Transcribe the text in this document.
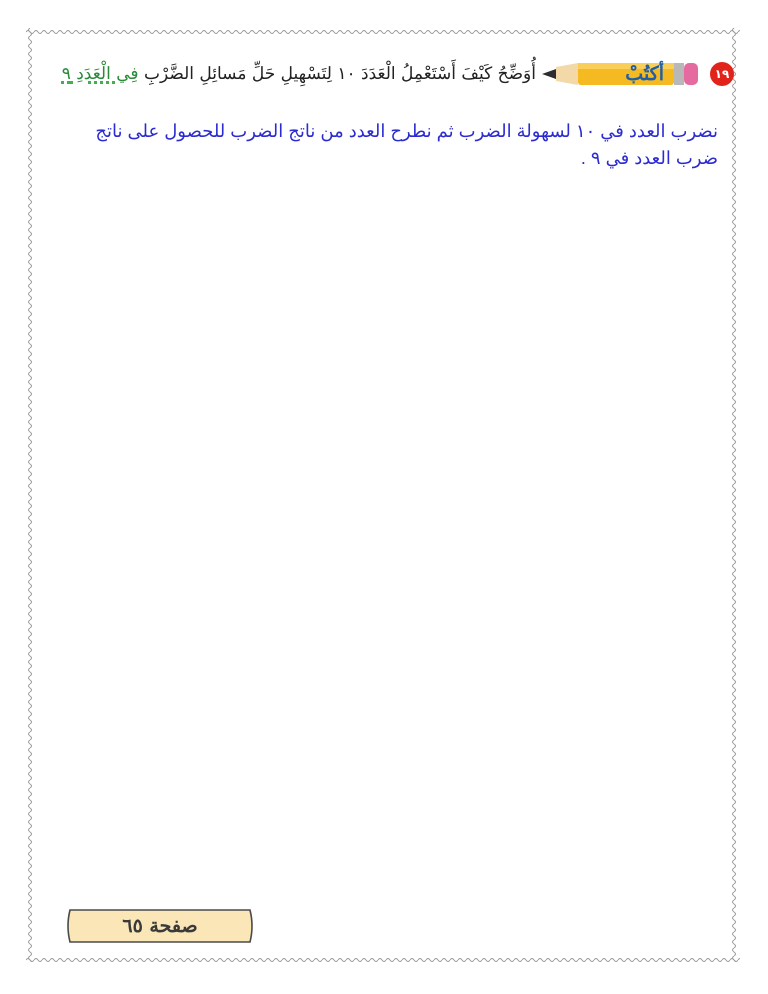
١٩
أكتُبْ
أُوَضِّحُ كَيْفَ أَسْتَعْمِلُ الْعَدَدَ ١٠ لِتَسْهِيلِ حَلِّ مَسائِلِ الضَّرْبِ فِي الْعَدَدِ ٩
نضرب العدد في ١٠ لسهولة الضرب ثم نطرح العدد من ناتج الضرب للحصول على ناتج ضرب العدد في ٩ .
صفحة ٦٥
